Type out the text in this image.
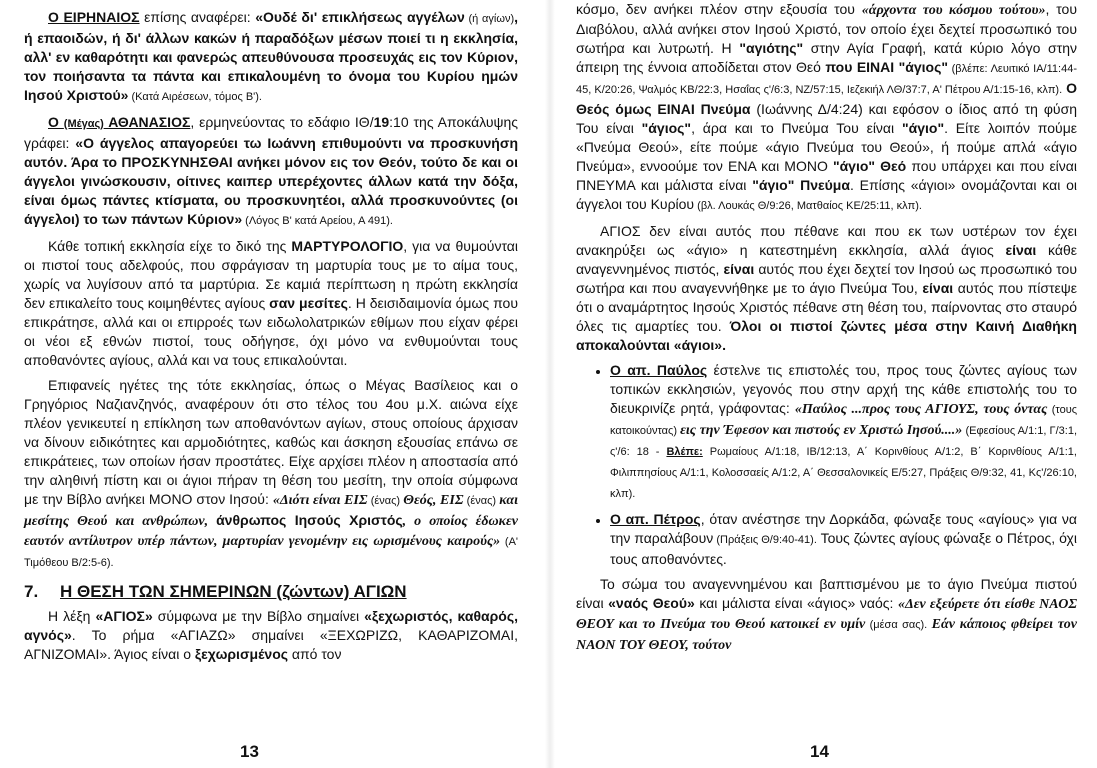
Ο ΕΙΡΗΝΑΙΟΣ επίσης αναφέρει: «Ουδέ δι' επικλήσεως αγγέλων (ή αγίων), ή επαοιδών, ή δι' άλλων κακών ή παραδόξων μέσων ποιεί τι η εκκλησία, αλλ' εν καθαρότητι και φανερώς απευθύνουσα προσευχάς εις τον Κύριον, τον ποιήσαντα τα πάντα και επικαλουμένη το όνομα του Κυρίου ημών Ιησού Χριστού» (Κατά Αιρέσεων, τόμος Β').

Ο (Μέγας) ΑΘΑΝΑΣΙΟΣ, ερμηνεύοντας το εδάφιο ΙΘ/19:10 της Αποκάλυψης γράφει: «Ο άγγελος απαγορεύει τω Ιωάννη επιθυμούντι να προσκυνήση αυτόν. Άρα το ΠΡΟΣΚΥΝΗΣΘΑΙ ανήκει μόνον εις τον Θεόν, τούτο δε και οι άγγελοι γινώσκουσιν, οίτινες καιπερ υπερέχοντες άλλων κατά την δόξα, είναι όμως πάντες κτίσματα, ου προσκυνητέοι, αλλά προσκυνούντες (οι άγγελοι) το των πάντων Κύριον» (Λόγος Β' κατά Αρείου, Α 491).

Κάθε τοπική εκκλησία είχε το δικό της ΜΑΡΤΥΡΟΛΟΓΙΟ, για να θυμούνται οι πιστοί τους αδελφούς, που σφράγισαν τη μαρτυρία τους με το αίμα τους, χωρίς να λυγίσουν από τα μαρτύρια. Σε καμιά περίπτωση η πρώτη εκκλησία δεν επικαλείτο τους κοιμηθέντες αγίους σαν μεσίτες. Η δεισιδαιμονία όμως που επικράτησε, αλλά και οι επιρροές των ειδωλολατρικών εθίμων που είχαν φέρει οι νέοι εξ εθνών πιστοί, τους οδήγησε, όχι μόνο να ενθυμούνται τους αποθανόντες αγίους, αλλά και να τους επικαλούνται.

Επιφανείς ηγέτες της τότε εκκλησίας, όπως ο Μέγας Βασίλειος και ο Γρηγόριος Ναζιανζηνός, αναφέρουν ότι στο τέλος του 4ου μ.Χ. αιώνα είχε πλέον γενικευτεί η επίκληση των αποθανόντων αγίων, στους οποίους άρχισαν να δίνουν ειδικότητες και αρμοδιότητες, καθώς και άσκηση εξουσίας επάνω σε επικράτειες, των οποίων ήσαν προστάτες. Είχε αρχίσει πλέον η αποστασία από την αληθινή πίστη και οι άγιοι πήραν τη θέση του μεσίτη, την οποία σύμφωνα με την Βίβλο ανήκει ΜΟΝΟ στον Ιησού: «Διότι είναι ΕΙΣ (ένας) Θεός, ΕΙΣ (ένας) και μεσίτης Θεού και ανθρώπων, άνθρωπος Ιησούς Χριστός, ο οποίος έδωκεν εαυτόν αντίλυτρον υπέρ πάντων, μαρτυρίαν γενομένην εις ωρισμένους καιρούς» (Α' Τιμόθεου Β/2:5-6).

7. Η ΘΕΣΗ ΤΩΝ ΣΗΜΕΡΙΝΩΝ (ζώντων) ΑΓΙΩΝ

Η λέξη «ΑΓΙΟΣ» σύμφωνα με την Βίβλο σημαίνει «ξεχωριστός, καθαρός, αγνός». Το ρήμα «ΑΓΙΑΖΩ» σημαίνει «ΞΕΧΩΡΙΖΩ, ΚΑΘΑΡΙΖΟΜΑΙ, ΑΓΝΙΖΟΜΑΙ». Άγιος είναι ο ξεχωρισμένος από τον

13

κόσμο, δεν ανήκει πλέον στην εξουσία του «άρχοντα του κόσμου τούτου», του Διαβόλου, αλλά ανήκει στον Ιησού Χριστό, τον οποίο έχει δεχτεί προσωπικό του σωτήρα και λυτρωτή. Η "αγιότης" στην Αγία Γραφή, κατά κύριο λόγο στην άπειρη της έννοια αποδίδεται στον Θεό που ΕΙΝΑΙ "άγιος" (βλέπε: Λευιτικό ΙΑ/11:44-45, Κ/20:26, Ψαλμός ΚΒ/22:3, Ησαΐας ς'/6:3, ΝΖ/57:15, Ιεζεκιήλ ΛΘ/37:7, Α' Πέτρου Α/1:15-16, κλπ). Ο Θεός όμως ΕΙΝΑΙ Πνεύμα (Ιωάννης Δ/4:24) και εφόσον ο ίδιος από τη φύση Του είναι "άγιος", άρα και το Πνεύμα Του είναι "άγιο". Είτε λοιπόν πούμε «Πνεύμα Θεού», είτε πούμε «άγιο Πνεύμα του Θεού», ή πούμε απλά «άγιο Πνεύμα», εννοούμε τον ΕΝΑ και ΜΟΝΟ "άγιο" Θεό που υπάρχει και που είναι ΠΝΕΥΜΑ και μάλιστα είναι "άγιο" Πνεύμα. Επίσης «άγιοι» ονομάζονται και οι άγγελοι του Κυρίου (βλ. Λουκάς Θ/9:26, Ματθαίος ΚΕ/25:11, κλπ).

ΑΓΙΟΣ δεν είναι αυτός που πέθανε και που εκ των υστέρων τον έχει ανακηρύξει ως «άγιο» η κατεστημένη εκκλησία, αλλά άγιος είναι κάθε αναγεννημένος πιστός, είναι αυτός που έχει δεχτεί τον Ιησού ως προσωπικό του σωτήρα και που αναγεννήθηκε με το άγιο Πνεύμα Του, είναι αυτός που πίστεψε ότι ο αναμάρτητος Ιησούς Χριστός πέθανε στη θέση του, παίρνοντας στο σταυρό όλες τις αμαρτίες του. Όλοι οι πιστοί ζώντες μέσα στην Καινή Διαθήκη αποκαλούνται «άγιοι».

• Ο απ. Παύλος έστελνε τις επιστολές του, προς τους ζώντες αγίους των τοπικών εκκλησιών, γεγονός που στην αρχή της κάθε επιστολής του το διευκρινίζε ρητά, γράφοντας: «Παύλος ...προς τους ΑΓΙΟΥΣ, τους όντας (τους κατοικούντας) εις την Έφεσον και πιστούς εν Χριστώ Ιησού....» (Εφεσίους Α/1:1, Γ/3:1, ς'/6: 18 - Βλέπε: Ρωμαίους Α/1:18, ΙΒ/12:13, Α΄ Κορινθίους Α/1:2, Β΄ Κορινθίους Α/1:1, Φιλιππησίους Α/1:1, Κολοσσαείς Α/1:2, Α΄ Θεσσαλονικείς Ε/5:27, Πράξεις Θ/9:32, 41, Κς'/26:10, κλπ).
• Ο απ. Πέτρος, όταν ανέστησε την Δορκάδα, φώναξε τους «αγίους» για να την παραλάβουν (Πράξεις Θ/9:40-41). Τους ζώντες αγίους φώναξε ο Πέτρος, όχι τους αποθανόντες.

Το σώμα του αναγεννημένου και βαπτισμένου με το άγιο Πνεύμα πιστού είναι «ναός Θεού» και μάλιστα είναι «άγιος» ναός: «Δεν εξεύρετε ότι είσθε ΝΑΟΣ ΘΕΟΥ και το Πνεύμα του Θεού κατοικεί εν υμίν (μέσα σας). Εάν κάποιος φθείρει τον ΝΑΟΝ ΤΟΥ ΘΕΟΥ, τούτον

14
